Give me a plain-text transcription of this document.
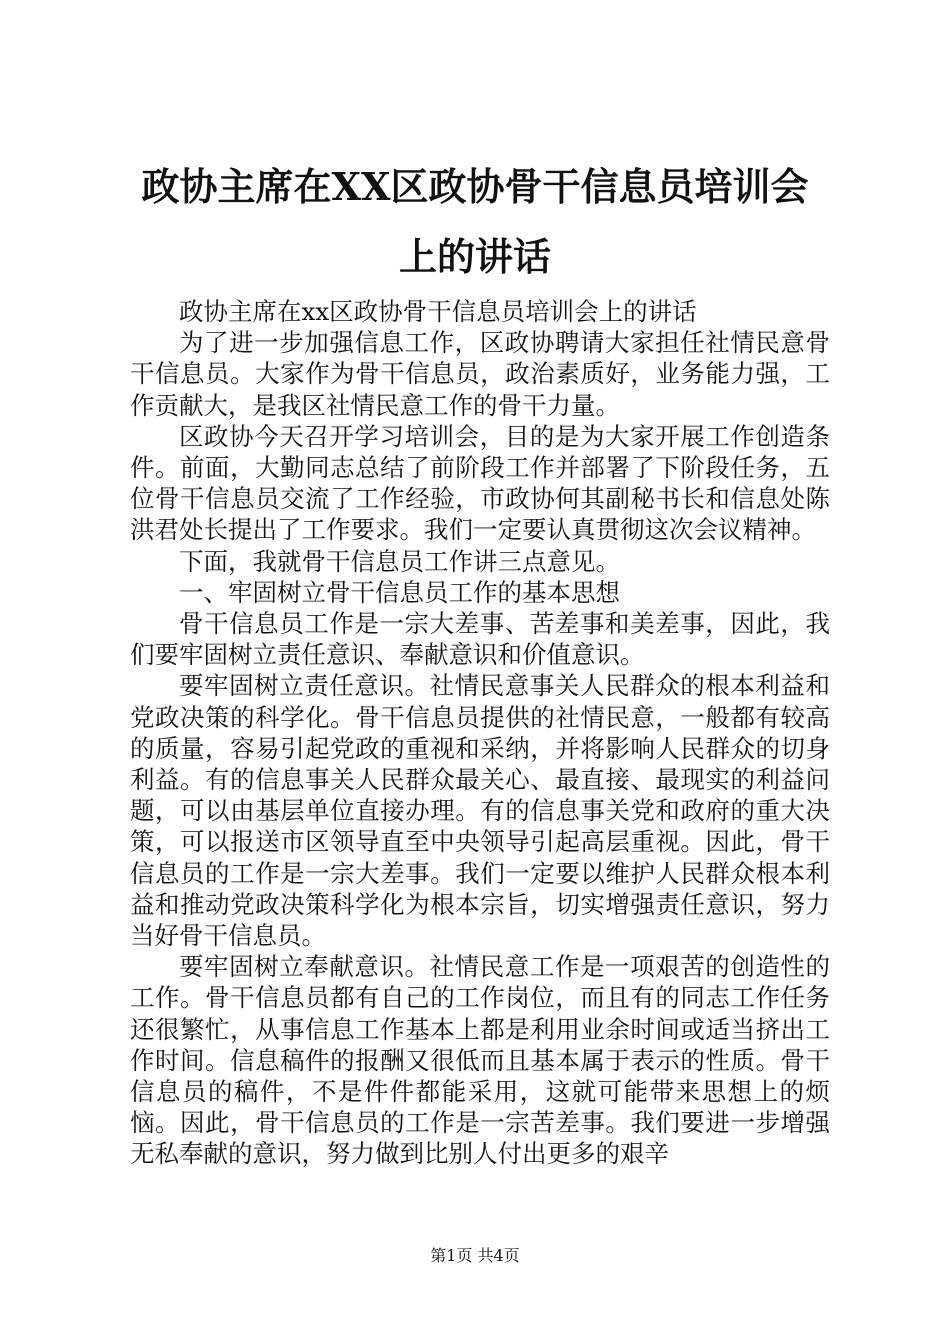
政协主席在XX区政协骨干信息员培训会上的讲话

政协主席在xx区政协骨干信息员培训会上的讲话

为了进一步加强信息工作，区政协聘请大家担任社情民意骨干信息员。大家作为骨干信息员，政治素质好，业务能力强，工作贡献大，是我区社情民意工作的骨干力量。

区政协今天召开学习培训会，目的是为大家开展工作创造条件。前面，大勤同志总结了前阶段工作并部署了下阶段任务，五位骨干信息员交流了工作经验，市政协何其副秘书长和信息处陈洪君处长提出了工作要求。我们一定要认真贯彻这次会议精神。

下面，我就骨干信息员工作讲三点意见。

一、牢固树立骨干信息员工作的基本思想

骨干信息员工作是一宗大差事、苦差事和美差事，因此，我们要牢固树立责任意识、奉献意识和价值意识。

要牢固树立责任意识。社情民意事关人民群众的根本利益和党政决策的科学化。骨干信息员提供的社情民意，一般都有较高的质量，容易引起党政的重视和采纳，并将影响人民群众的切身利益。有的信息事关人民群众最关心、最直接、最现实的利益问题，可以由基层单位直接办理。有的信息事关党和政府的重大决策，可以报送市区领导直至中央领导引起高层重视。因此，骨干信息员的工作是一宗大差事。我们一定要以维护人民群众根本利益和推动党政决策科学化为根本宗旨，切实增强责任意识，努力当好骨干信息员。

要牢固树立奉献意识。社情民意工作是一项艰苦的创造性的工作。骨干信息员都有自己的工作岗位，而且有的同志工作任务还很繁忙，从事信息工作基本上都是利用业余时间或适当挤出工作时间。信息稿件的报酬又很低而且基本属于表示的性质。骨干信息员的稿件，不是件件都能采用，这就可能带来思想上的烦恼。因此，骨干信息员的工作是一宗苦差事。我们要进一步增强无私奉献的意识，努力做到比别人付出更多的艰辛

第1页 共4页
